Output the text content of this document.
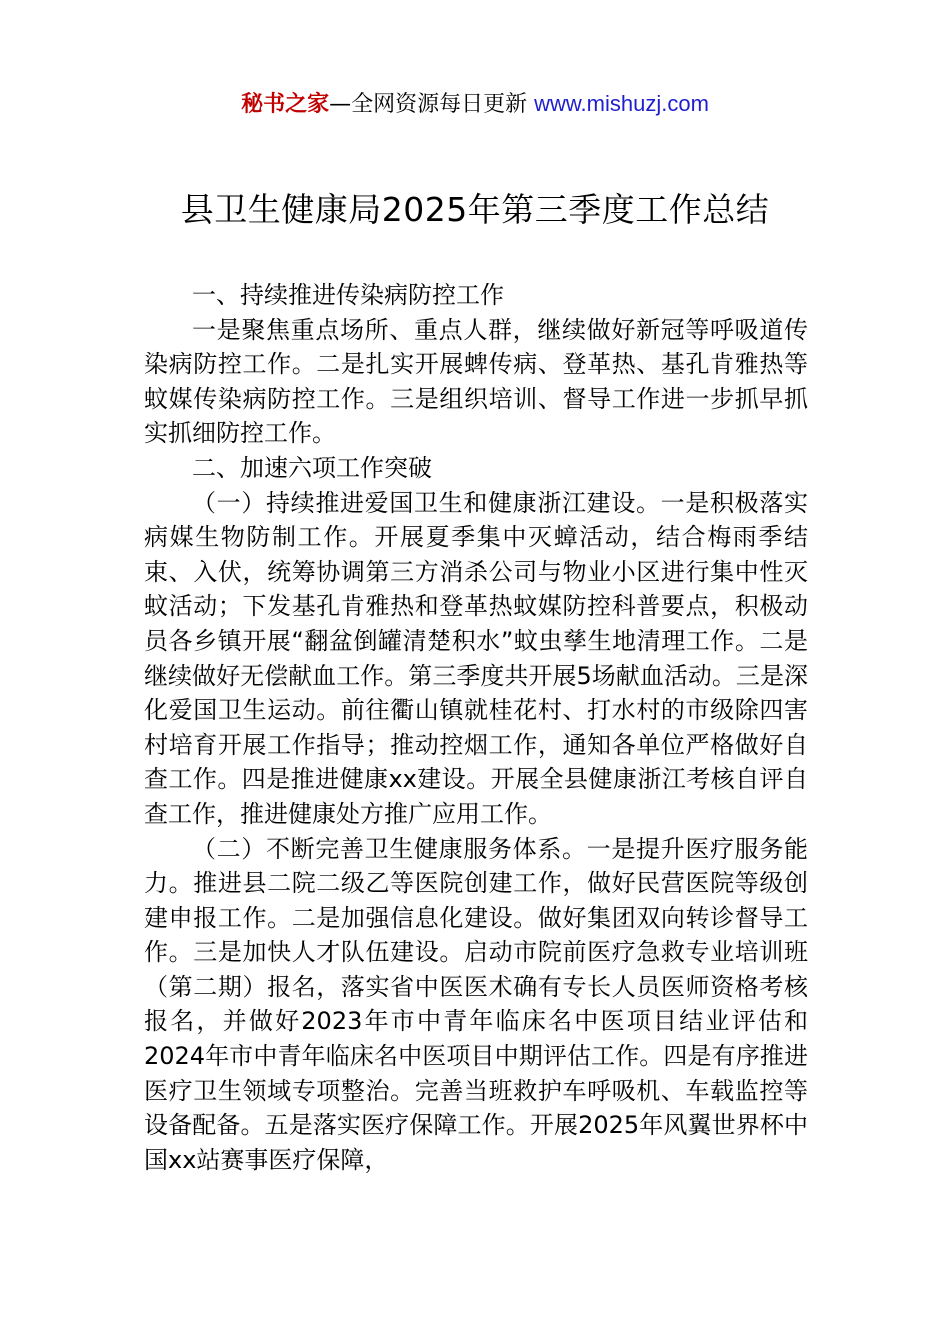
秘书之家—全网资源每日更新 www.mishuzj.com
县卫生健康局2025年第三季度工作总结

一、持续推进传染病防控工作

一是聚焦重点场所、重点人群，继续做好新冠等呼吸道传染病防控工作。二是扎实开展蜱传病、登革热、基孔肯雅热等蚊媒传染病防控工作。三是组织培训、督导工作进一步抓早抓实抓细防控工作。

二、加速六项工作突破

（一）持续推进爱国卫生和健康浙江建设。一是积极落实病媒生物防制工作。开展夏季集中灭蟑活动，结合梅雨季结束、入伏，统筹协调第三方消杀公司与物业小区进行集中性灭蚊活动；下发基孔肯雅热和登革热蚊媒防控科普要点，积极动员各乡镇开展“翻盆倒罐清楚积水”蚊虫孳生地清理工作。二是继续做好无偿献血工作。第三季度共开展5场献血活动。三是深化爱国卫生运动。前往衢山镇就桂花村、打水村的市级除四害村培育开展工作指导；推动控烟工作，通知各单位严格做好自查工作。四是推进健康xx建设。开展全县健康浙江考核自评自查工作，推进健康处方推广应用工作。

（二）不断完善卫生健康服务体系。一是提升医疗服务能力。推进县二院二级乙等医院创建工作，做好民营医院等级创建申报工作。二是加强信息化建设。做好集团双向转诊督导工作。三是加快人才队伍建设。启动市院前医疗急救专业培训班（第二期）报名，落实省中医医术确有专长人员医师资格考核报名，并做好2023年市中青年临床名中医项目结业评估和2024年市中青年临床名中医项目中期评估工作。四是有序推进医疗卫生领域专项整治。完善当班救护车呼吸机、车载监控等设备配备。五是落实医疗保障工作。开展2025年风翼世界杯中国xx站赛事医疗保障，
